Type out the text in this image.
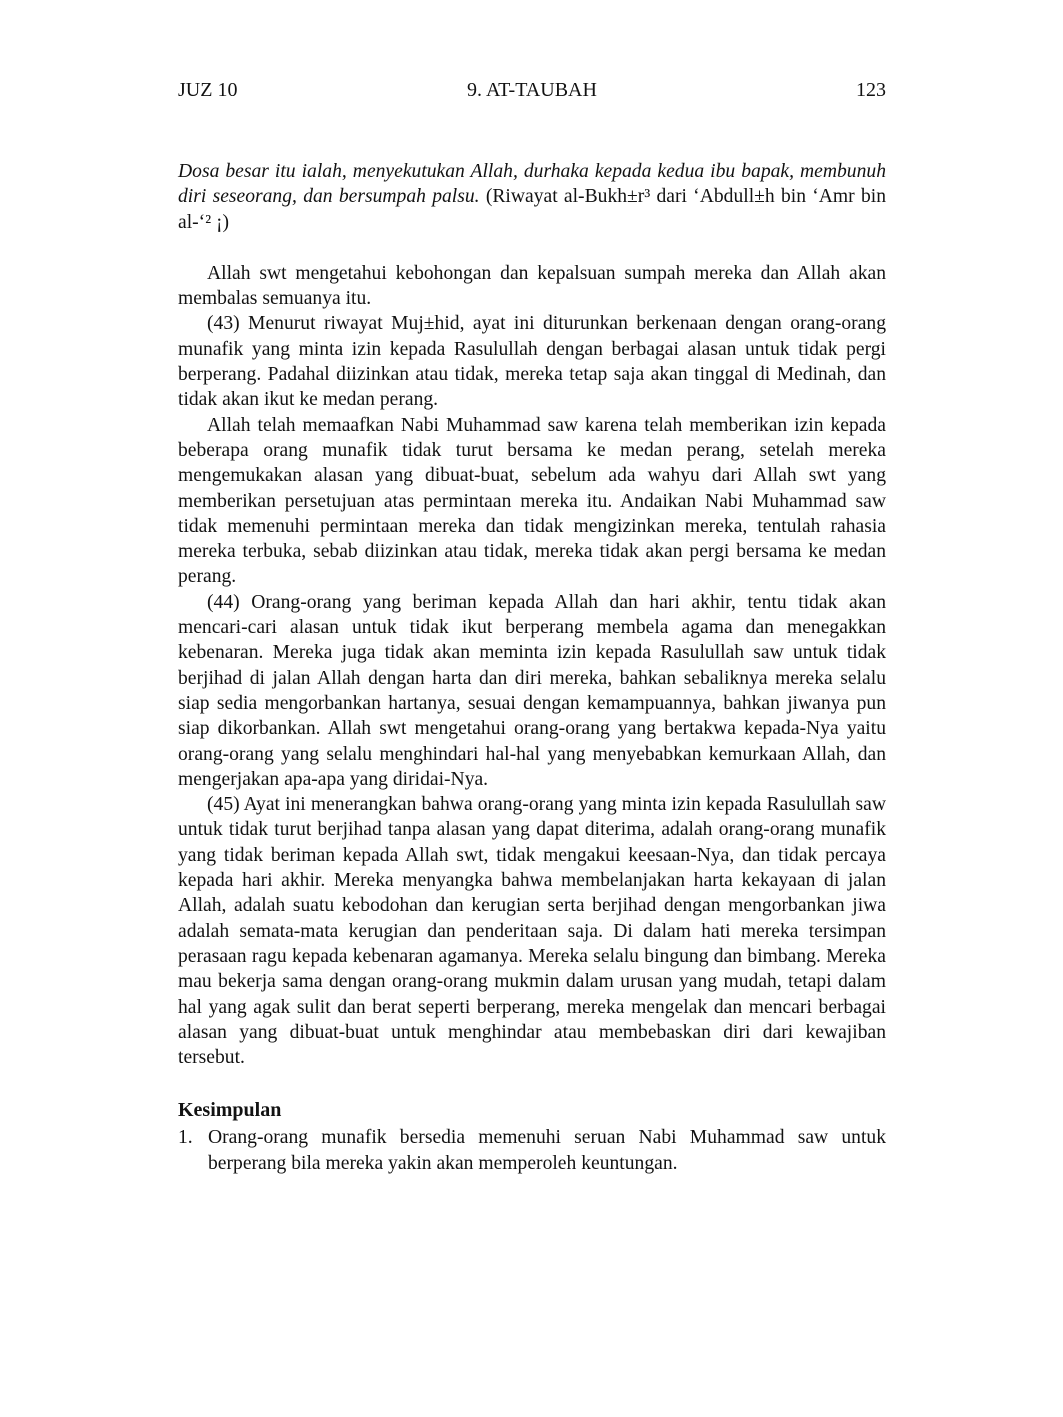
JUZ 10	9. AT-TAUBAH	123

Dosa besar itu ialah, menyekutukan Allah, durhaka kepada kedua ibu bapak, membunuh diri seseorang, dan bersumpah palsu. (Riwayat al-Bukh±r³ dari ‘Abdull±h bin ‘Amr bin al-‘² ¡)

Allah swt mengetahui kebohongan dan kepalsuan sumpah mereka dan Allah akan membalas semuanya itu.

(43) Menurut riwayat Muj±hid, ayat ini diturunkan berkenaan dengan orang-orang munafik yang minta izin kepada Rasulullah dengan berbagai alasan untuk tidak pergi berperang. Padahal diizinkan atau tidak, mereka tetap saja akan tinggal di Medinah, dan tidak akan ikut ke medan perang.

Allah telah memaafkan Nabi Muhammad saw karena telah memberikan izin kepada beberapa orang munafik tidak turut bersama ke medan perang, setelah mereka mengemukakan alasan yang dibuat-buat, sebelum ada wahyu dari Allah swt yang memberikan persetujuan atas permintaan mereka itu. Andaikan Nabi Muhammad saw tidak memenuhi permintaan mereka dan tidak mengizinkan mereka, tentulah rahasia mereka terbuka, sebab diizinkan atau tidak, mereka tidak akan pergi bersama ke medan perang.

(44) Orang-orang yang beriman kepada Allah dan hari akhir, tentu tidak akan mencari-cari alasan untuk tidak ikut berperang membela agama dan menegakkan kebenaran. Mereka juga tidak akan meminta izin kepada Rasulullah saw untuk tidak berjihad di jalan Allah dengan harta dan diri mereka, bahkan sebaliknya mereka selalu siap sedia mengorbankan hartanya, sesuai dengan kemampuannya, bahkan jiwanya pun siap dikorbankan. Allah swt mengetahui orang-orang yang bertakwa kepada-Nya yaitu orang-orang yang selalu menghindari hal-hal yang menyebabkan kemurkaan Allah, dan mengerjakan apa-apa yang diridai-Nya.

(45) Ayat ini menerangkan bahwa orang-orang yang minta izin kepada Rasulullah saw untuk tidak turut berjihad tanpa alasan yang dapat diterima, adalah orang-orang munafik yang tidak beriman kepada Allah swt, tidak mengakui keesaan-Nya, dan tidak percaya kepada hari akhir. Mereka menyangka bahwa membelanjakan harta kekayaan di jalan Allah, adalah suatu kebodohan dan kerugian serta berjihad dengan mengorbankan jiwa adalah semata-mata kerugian dan penderitaan saja. Di dalam hati mereka tersimpan perasaan ragu kepada kebenaran agamanya. Mereka selalu bingung dan bimbang. Mereka mau bekerja sama dengan orang-orang mukmin dalam urusan yang mudah, tetapi dalam hal yang agak sulit dan berat seperti berperang, mereka mengelak dan mencari berbagai alasan yang dibuat-buat untuk menghindar atau membebaskan diri dari kewajiban tersebut.

Kesimpulan

1. Orang-orang munafik bersedia memenuhi seruan Nabi Muhammad saw untuk berperang bila mereka yakin akan memperoleh keuntungan.
